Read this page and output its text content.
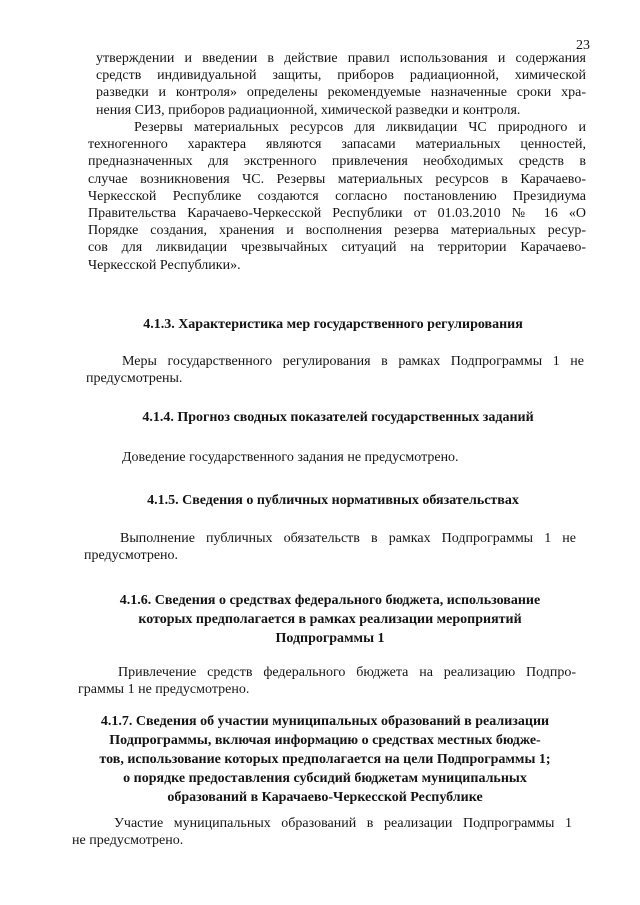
23
утверждении и введении в действие правил использования и содержания
средств индивидуальной защиты, приборов радиационной, химической
разведки и контроля» определены рекомендуемые назначенные сроки хра-
нения СИЗ, приборов радиационной, химической разведки и контроля.
Резервы материальных ресурсов для ликвидации ЧС природного и
техногенного характера являются запасами материальных ценностей,
предназначенных для экстренного привлечения необходимых средств в
случае возникновения ЧС. Резервы материальных ресурсов в Карачаево-
Черкесской Республике создаются согласно постановлению Президиума
Правительства Карачаево-Черкесской Республики от 01.03.2010 № 16 «О
Порядке создания, хранения и восполнения резерва материальных ресур-
сов для ликвидации чрезвычайных ситуаций на территории Карачаево-
Черкесской Республики».
4.1.3. Характеристика мер государственного регулирования
Меры государственного регулирования в рамках Подпрограммы 1 не
предусмотрены.
4.1.4. Прогноз сводных показателей государственных заданий
Доведение государственного задания не предусмотрено.
4.1.5. Сведения о публичных нормативных обязательствах
Выполнение публичных обязательств в рамках Подпрограммы 1 не
предусмотрено.
4.1.6. Сведения о средствах федерального бюджета, использование
которых предполагается в рамках реализации мероприятий
Подпрограммы 1
Привлечение средств федерального бюджета на реализацию Подпро-
граммы 1 не предусмотрено.
4.1.7. Сведения об участии муниципальных образований в реализации
Подпрограммы, включая информацию о средствах местных бюдже-
тов, использование которых предполагается на цели Подпрограммы 1;
о порядке предоставления субсидий бюджетам муниципальных
образований в Карачаево-Черкесской Республике
Участие муниципальных образований в реализации Подпрограммы 1
не предусмотрено.
